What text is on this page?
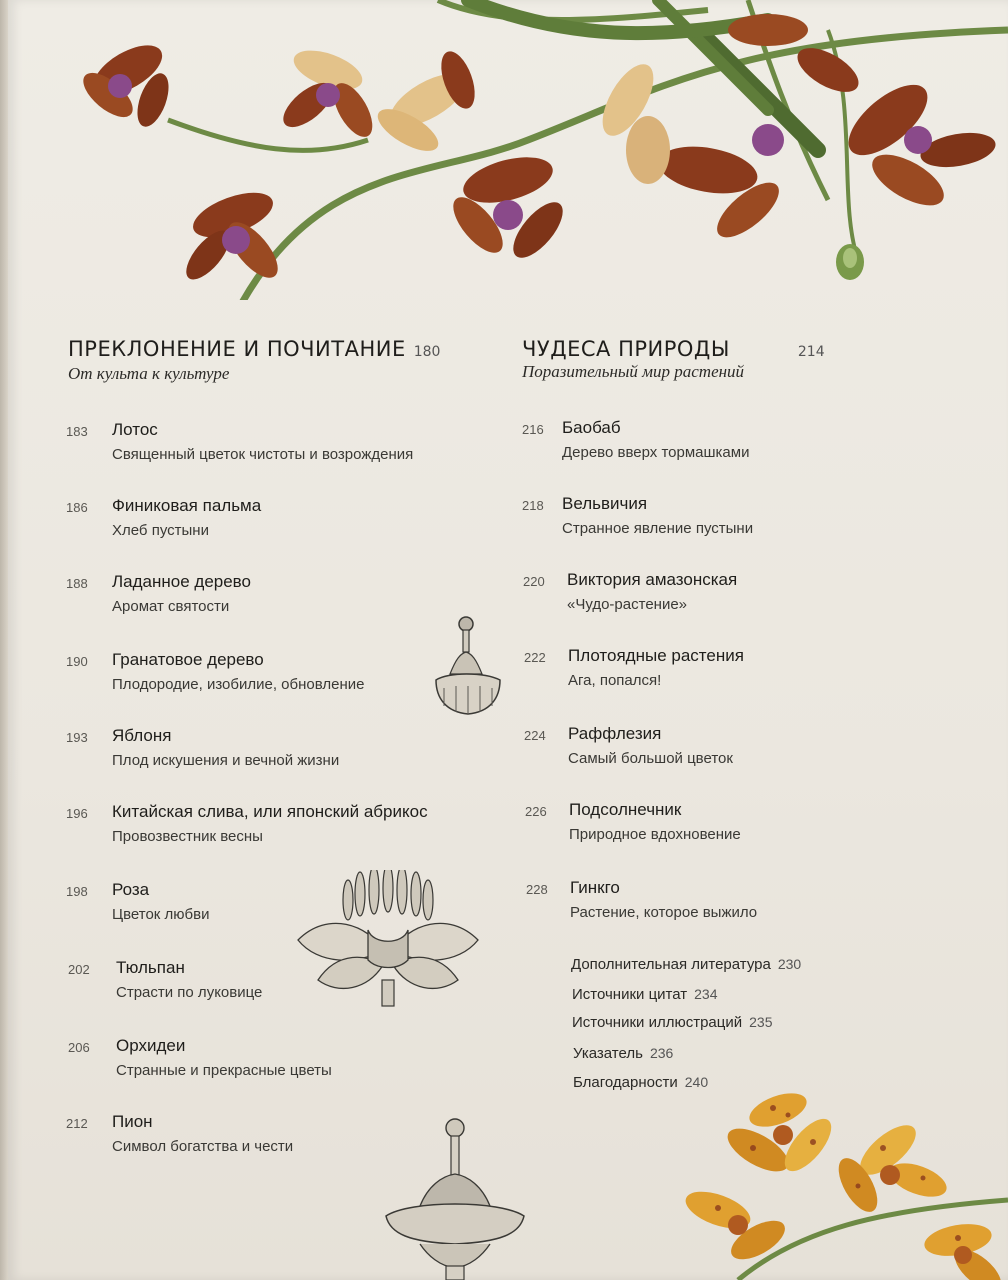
ПРЕКЛОНЕНИЕ И ПОЧИТАНИЕ 180
От культа к культуре
183 Лотос
Священный цветок чистоты и возрождения
186 Финиковая пальма
Хлеб пустыни
188 Ладанное дерево
Аромат святости
190 Гранатовое дерево
Плодородие, изобилие, обновление
193 Яблоня
Плод искушения и вечной жизни
196 Китайская слива, или японский абрикос
Провозвестник весны
198 Роза
Цветок любви
202 Тюльпан
Страсти по луковице
206 Орхидеи
Странные и прекрасные цветы
212 Пион
Символ богатства и чести
ЧУДЕСА ПРИРОДЫ	214
Поразительный мир растений
216 Баобаб
Дерево вверх тормашками
218 Вельвичия
Странное явление пустыни
220 Виктория амазонская
«Чудо-растение»
222 Плотоядные растения
Ага, попался!
224 Раффлезия
Самый большой цветок
226 Подсолнечник
Природное вдохновение
228 Гинкго
Растение, которое выжило
Дополнительная литература 230
Источники цитат 234
Источники иллюстраций 235
Указатель 236
Благодарности 240
